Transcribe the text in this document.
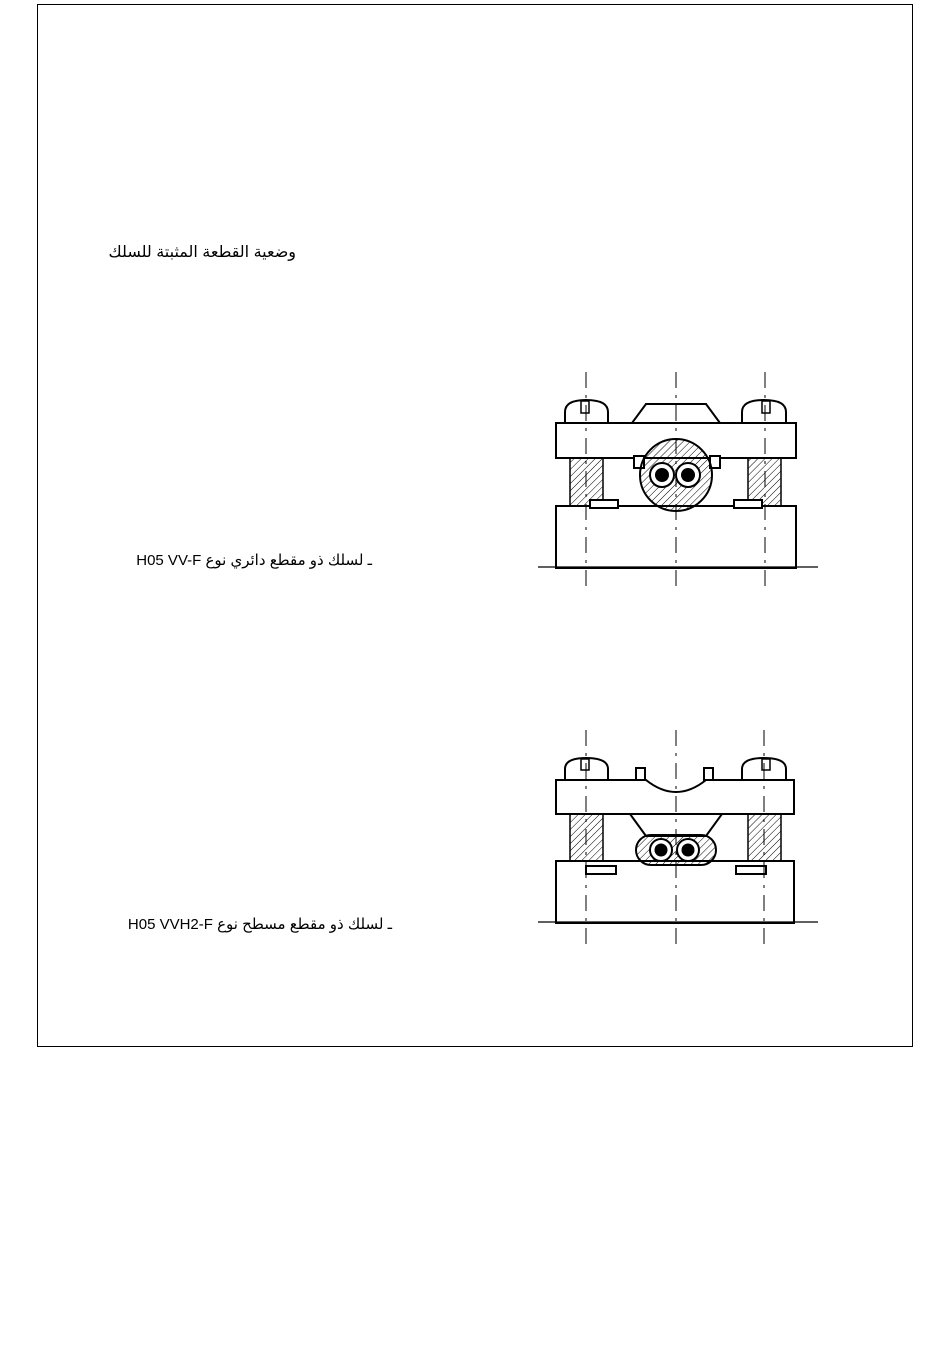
وضعية القطعة المثبتة للسلك
ـ لسلك ذو مقطع دائري نوع H05 VV-F
ـ لسلك ذو مقطع مسطح نوع H05 VVH2-F
